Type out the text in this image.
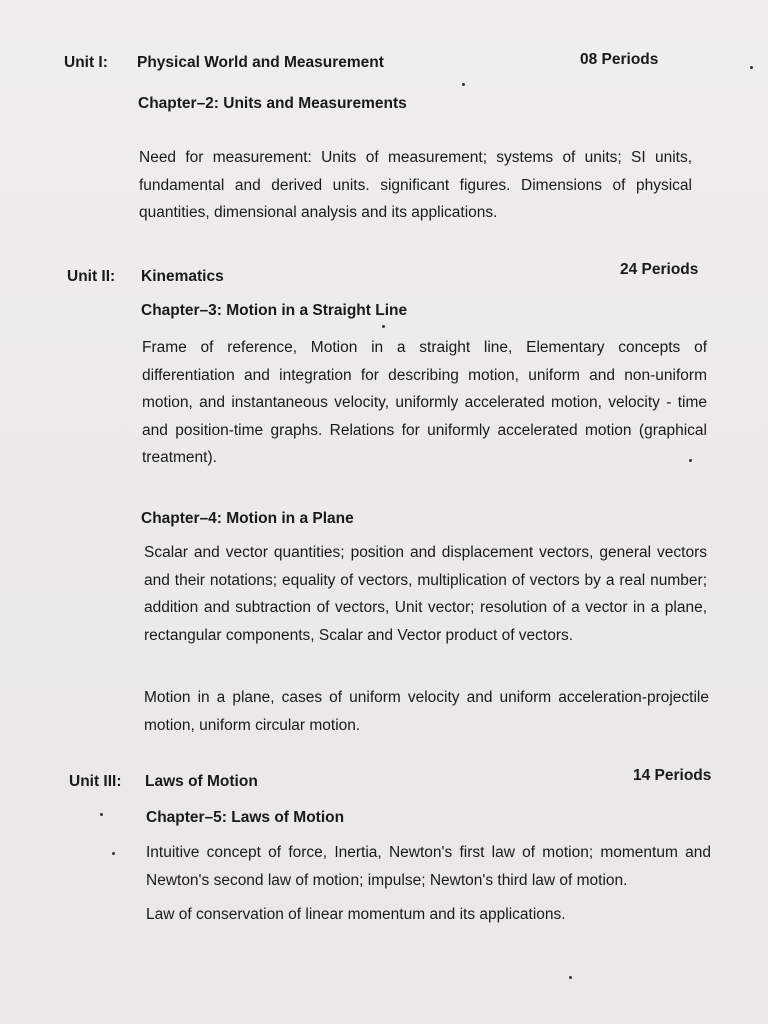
Unit I: Physical World and Measurement	08 Periods
Chapter–2: Units and Measurements

Need for measurement: Units of measurement; systems of units; SI units, fundamental and derived units. significant figures. Dimensions of physical quantities, dimensional analysis and its applications.

Unit II: Kinematics	24 Periods
Chapter–3: Motion in a Straight Line

Frame of reference, Motion in a straight line, Elementary concepts of differentiation and integration for describing motion, uniform and non-uniform motion, and instantaneous velocity, uniformly accelerated motion, velocity - time and position-time graphs. Relations for uniformly accelerated motion (graphical treatment).

Chapter–4: Motion in a Plane

Scalar and vector quantities; position and displacement vectors, general vectors and their notations; equality of vectors, multiplication of vectors by a real number; addition and subtraction of vectors, Unit vector; resolution of a vector in a plane, rectangular components, Scalar and Vector product of vectors.

Motion in a plane, cases of uniform velocity and uniform acceleration-projectile motion, uniform circular motion.

Unit III: Laws of Motion	14 Periods
Chapter–5: Laws of Motion

Intuitive concept of force, Inertia, Newton's first law of motion; momentum and Newton's second law of motion; impulse; Newton's third law of motion.

Law of conservation of linear momentum and its applications.
